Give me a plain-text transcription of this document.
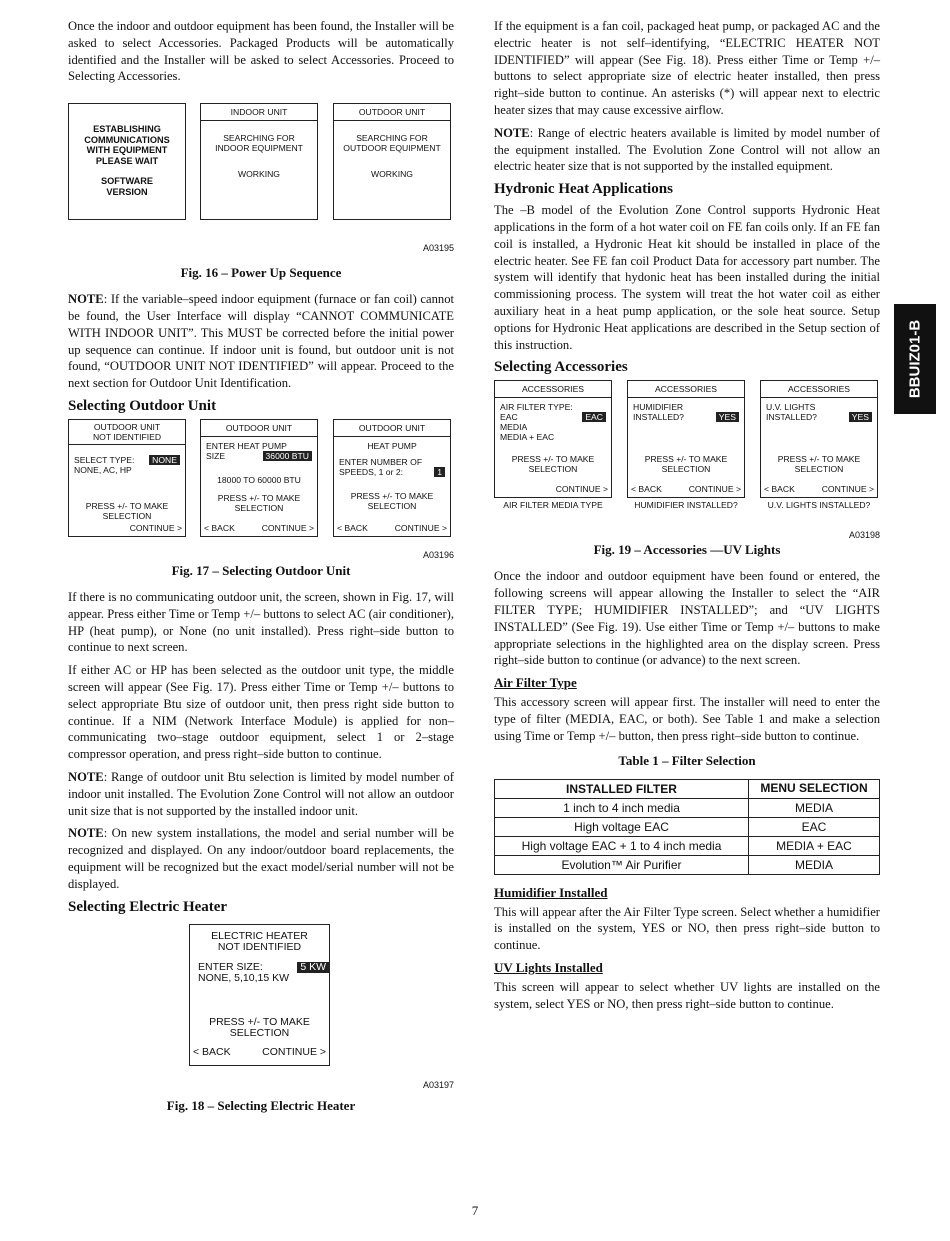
Once the indoor and outdoor equipment has been found, the Installer will be asked to select Accessories. Packaged Products will be automatically identified and the Installer will be asked to select Accessories. Proceed to Selecting Accessories.

ESTABLISHING
COMMUNICATIONS
WITH EQUIPMENT
PLEASE WAIT
SOFTWARE
VERSION
INDOOR UNIT
SEARCHING FOR
INDOOR EQUIPMENT
WORKING
OUTDOOR UNIT
SEARCHING FOR
OUTDOOR EQUIPMENT
WORKING
A03195
Fig. 16 – Power Up Sequence

NOTE: If the variable–speed indoor equipment (furnace or fan coil) cannot be found, the User Interface will display “CANNOT COMMUNICATE WITH INDOOR UNIT”. This MUST be corrected before the initial power up sequence can continue. If indoor unit is found, but outdoor unit is not found, “OUTDOOR UNIT NOT IDENTIFIED” will appear. Proceed to the next section for Outdoor Unit Identification.

Selecting Outdoor Unit
OUTDOOR UNIT
NOT IDENTIFIED
SELECT TYPE:
NONE, AC, HP
NONE
PRESS +/- TO MAKE
SELECTION
CONTINUE >
OUTDOOR UNIT
ENTER HEAT PUMP
SIZE	36000 BTU
18000 TO 60000 BTU
PRESS +/- TO MAKE
SELECTION
< BACK	CONTINUE >
OUTDOOR UNIT
HEAT PUMP
ENTER NUMBER OF
SPEEDS, 1 or 2:	1
PRESS +/- TO MAKE
SELECTION
< BACK	CONTINUE >
A03196
Fig. 17 – Selecting Outdoor Unit

If there is no communicating outdoor unit, the screen, shown in Fig. 17, will appear. Press either Time or Temp +/– buttons to select AC (air conditioner), HP (heat pump), or None (no unit installed). Press right–side button to continue to next screen.

If either AC or HP has been selected as the outdoor unit type, the middle screen will appear (See Fig. 17). Press either Time or Temp +/– buttons to select appropriate Btu size of outdoor unit, then press right side button to continue. If a NIM (Network Interface Module) is applied for non–communicating two–stage outdoor equipment, select 1 or 2–stage compressor operation, and press right–side button to continue.

NOTE: Range of outdoor unit Btu selection is limited by model number of indoor unit installed. The Evolution Zone Control will not allow an outdoor unit size that is not supported by the installed indoor unit.

NOTE: On new system installations, the model and serial number will be recognized and displayed. On any indoor/outdoor board replacements, the equipment will be recognized but the exact model/serial number will not be displayed.

Selecting Electric Heater
ELECTRIC HEATER
NOT IDENTIFIED
ENTER SIZE:	5 KW
NONE, 5,10,15 KW
PRESS +/- TO MAKE
SELECTION
< BACK	CONTINUE >
A03197
Fig. 18 – Selecting Electric Heater

If the equipment is a fan coil, packaged heat pump, or packaged AC and the electric heater is not self–identifying, “ELECTRIC HEATER NOT IDENTIFIED” will appear (See Fig. 18). Press either Time or Temp +/– buttons to select appropriate size of electric heater installed, then press right–side button to continue. An asterisks (*) will appear next to electric heater sizes that may cause excessive airflow.

NOTE: Range of electric heaters available is limited by model number of the equipment installed. The Evolution Zone Control will not allow an electric heater size that is not supported by the installed equipment.

Hydronic Heat Applications

The –B model of the Evolution Zone Control supports Hydronic Heat applications in the form of a hot water coil on FE fan coils only. If an FE fan coil is installed, a Hydronic Heat kit should be installed in place of the electric heater. See FE fan coil Product Data for accessory part number. The system will identify that hydonic heat has been installed during the initial commissioning process. The system will treat the hot water coil as either auxiliary heat in a heat pump application, or the sole heat source. Setup options for Hydronic Heat applications are described in the Setup section of this instruction.

Selecting Accessories
ACCESSORIES
AIR FILTER TYPE:
EAC	EAC
MEDIA
MEDIA + EAC
PRESS +/- TO MAKE
SELECTION
CONTINUE >
AIR FILTER MEDIA TYPE
ACCESSORIES
HUMIDIFIER
INSTALLED?	YES
PRESS +/- TO MAKE
SELECTION
< BACK	CONTINUE >
HUMIDIFIER INSTALLED?
ACCESSORIES
U.V. LIGHTS
INSTALLED?	YES
PRESS +/- TO MAKE
SELECTION
< BACK	CONTINUE >
U.V. LIGHTS INSTALLED?
A03198
Fig. 19 – Accessories —UV Lights

Once the indoor and outdoor equipment have been found or entered, the following screens will appear allowing the Installer to select the “AIR FILTER TYPE; HUMIDIFIER INSTALLED”; and “UV LIGHTS INSTALLED” (See Fig. 19). Use either Time or Temp +/– buttons to make appropriate selections in the highlighted area on the display screen. Press right–side button to continue (or advance) to the next screen.

Air Filter Type

This accessory screen will appear first. The installer will need to enter the type of filter (MEDIA, EAC, or both). See Table 1 and make a selection using Time or Temp +/– button, then press right–side button to continue.

Table 1 – Filter Selection
INSTALLED FILTER	MENU SELECTION
1 inch to 4 inch media	MEDIA
High voltage EAC	EAC
High voltage EAC + 1 to 4 inch media	MEDIA + EAC
Evolution™ Air Purifier	MEDIA
Humidifier Installed

This will appear after the Air Filter Type screen. Select whether a humidifier is installed on the system, YES or NO, then press right–side button to continue.

UV Lights Installed

This screen will appear to select whether UV lights are installed on the system, select YES or NO, then press right–side button to continue.

BBUIZ01-B
7
